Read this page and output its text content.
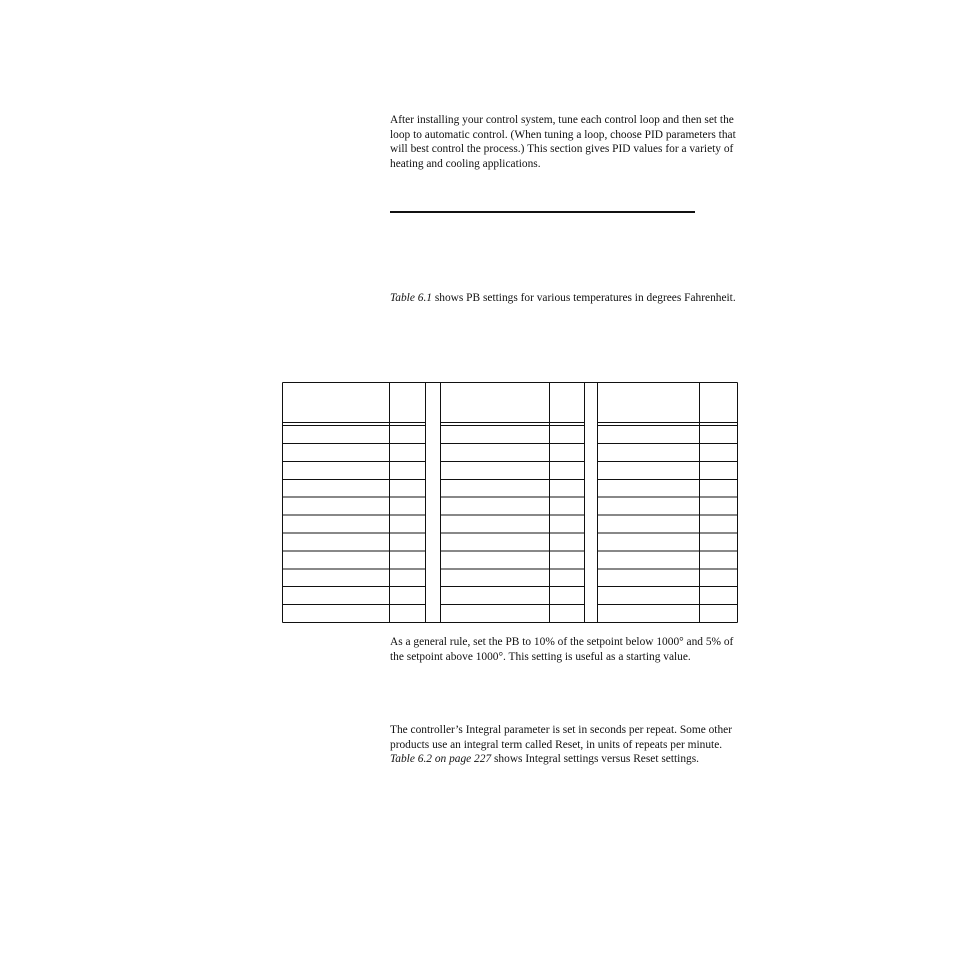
After installing your control system, tune each control loop and then set the loop to automatic control. (When tuning a loop, choose PID parameters that will best control the process.) This section gives PID values for a variety of heating and cooling applications.
Table 6.1 shows PB settings for various temperatures in degrees Fahrenheit.
As a general rule, set the PB to 10% of the setpoint below 1000° and 5% of the setpoint above 1000°. This setting is useful as a starting value.
The controller’s Integral parameter is set in seconds per repeat. Some other products use an integral term called Reset, in units of repeats per minute. Table 6.2 on page 227 shows Integral settings versus Reset settings.
